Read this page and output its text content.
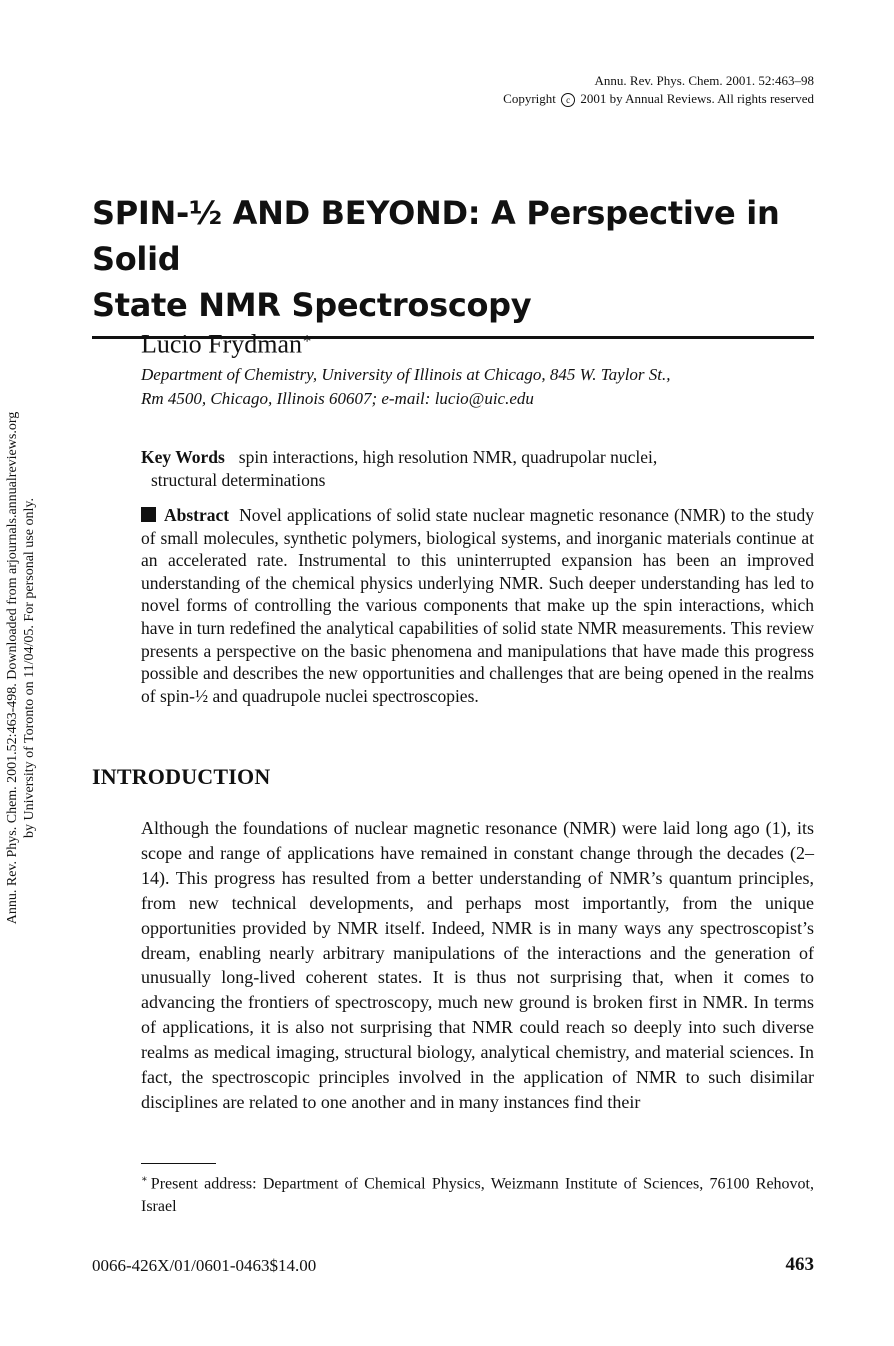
Annu. Rev. Phys. Chem. 2001. 52:463–98
Copyright c 2001 by Annual Reviews. All rights reserved
SPIN-½ AND BEYOND: A Perspective in Solid
State NMR Spectroscopy
Lucio Frydman∗
Department of Chemistry, University of Illinois at Chicago, 845 W. Taylor St.,
Rm 4500, Chicago, Illinois 60607; e-mail: lucio@uic.edu
Key Words spin interactions, high resolution NMR, quadrupolar nuclei,
structural determinations
Abstract Novel applications of solid state nuclear magnetic resonance (NMR) to the study of small molecules, synthetic polymers, biological systems, and inorganic materials continue at an accelerated rate. Instrumental to this uninterrupted expansion has been an improved understanding of the chemical physics underlying NMR. Such deeper understanding has led to novel forms of controlling the various components that make up the spin interactions, which have in turn redefined the analytical capabilities of solid state NMR measurements. This review presents a perspective on the basic phenomena and manipulations that have made this progress possible and describes the new opportunities and challenges that are being opened in the realms of spin-½ and quadrupole nuclei spectroscopies.
INTRODUCTION
Although the foundations of nuclear magnetic resonance (NMR) were laid long ago (1), its scope and range of applications have remained in constant change through the decades (2–14). This progress has resulted from a better understanding of NMR’s quantum principles, from new technical developments, and perhaps most importantly, from the unique opportunities provided by NMR itself. Indeed, NMR is in many ways any spectroscopist’s dream, enabling nearly arbitrary manipulations of the interactions and the generation of unusually long-lived coherent states. It is thus not surprising that, when it comes to advancing the frontiers of spectroscopy, much new ground is broken first in NMR. In terms of applications, it is also not surprising that NMR could reach so deeply into such diverse realms as medical imaging, structural biology, analytical chemistry, and material sciences. In fact, the spectroscopic principles involved in the application of NMR to such disimilar disciplines are related to one another and in many instances find their
∗ Present address: Department of Chemical Physics, Weizmann Institute of Sciences, 76100 Rehovot, Israel
0066-426X/01/0601-0463$14.00	463
Annu. Rev. Phys. Chem. 2001.52:463-498. Downloaded from arjournals.annualreviews.org by University of Toronto on 11/04/05. For personal use only.
